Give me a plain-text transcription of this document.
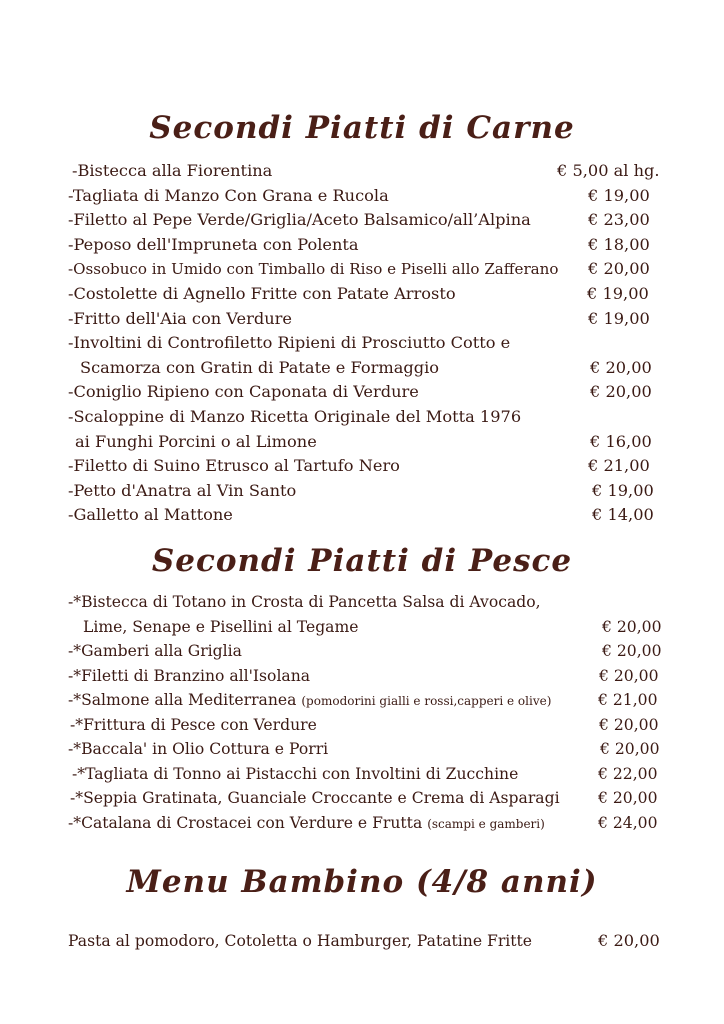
Secondi Piatti di Carne
-Bistecca alla Fiorentina	€ 5,00 al hg.
-Tagliata di Manzo Con Grana e Rucola	€ 19,00
-Filetto al Pepe Verde/Griglia/Aceto Balsamico/all’Alpina	€ 23,00
-Peposo dell'Impruneta con Polenta	€ 18,00
-Ossobuco in Umido con Timballo di Riso e Piselli allo Zafferano € 20,00
-Costolette di Agnello Fritte con Patate Arrosto	€ 19,00
-Fritto dell'Aia con Verdure	€ 19,00
-Involtini di Controfiletto Ripieni di Prosciutto Cotto e
Scamorza con Gratin di Patate e Formaggio	€ 20,00
-Coniglio Ripieno con Caponata di Verdure	€ 20,00
-Scaloppine di Manzo Ricetta Originale del Motta 1976
ai Funghi Porcini o al Limone	€ 16,00
-Filetto di Suino Etrusco al Tartufo Nero	€ 21,00
-Petto d'Anatra al Vin Santo	€ 19,00
-Galletto al Mattone	€ 14,00
Secondi Piatti di Pesce
-*Bistecca di Totano in Crosta di Pancetta Salsa di Avocado,
Lime, Senape e Pisellini al Tegame	€ 20,00
-*Gamberi alla Griglia	€ 20,00
-*Filetti di Branzino all'Isolana	€ 20,00
-*Salmone alla Mediterranea (pomodorini gialli e rossi,capperi e olive)	€ 21,00
-*Frittura di Pesce con Verdure	€ 20,00
-*Baccala' in Olio Cottura e Porri	€ 20,00
-*Tagliata di Tonno ai Pistacchi con Involtini di Zucchine	€ 22,00
-*Seppia Gratinata, Guanciale Croccante e Crema di Asparagi € 20,00
-*Catalana di Crostacei con Verdure e Frutta (scampi e gamberi)	€ 24,00
Menu Bambino (4/8 anni)
Pasta al pomodoro, Cotoletta o Hamburger, Patatine Fritte	€ 20,00
